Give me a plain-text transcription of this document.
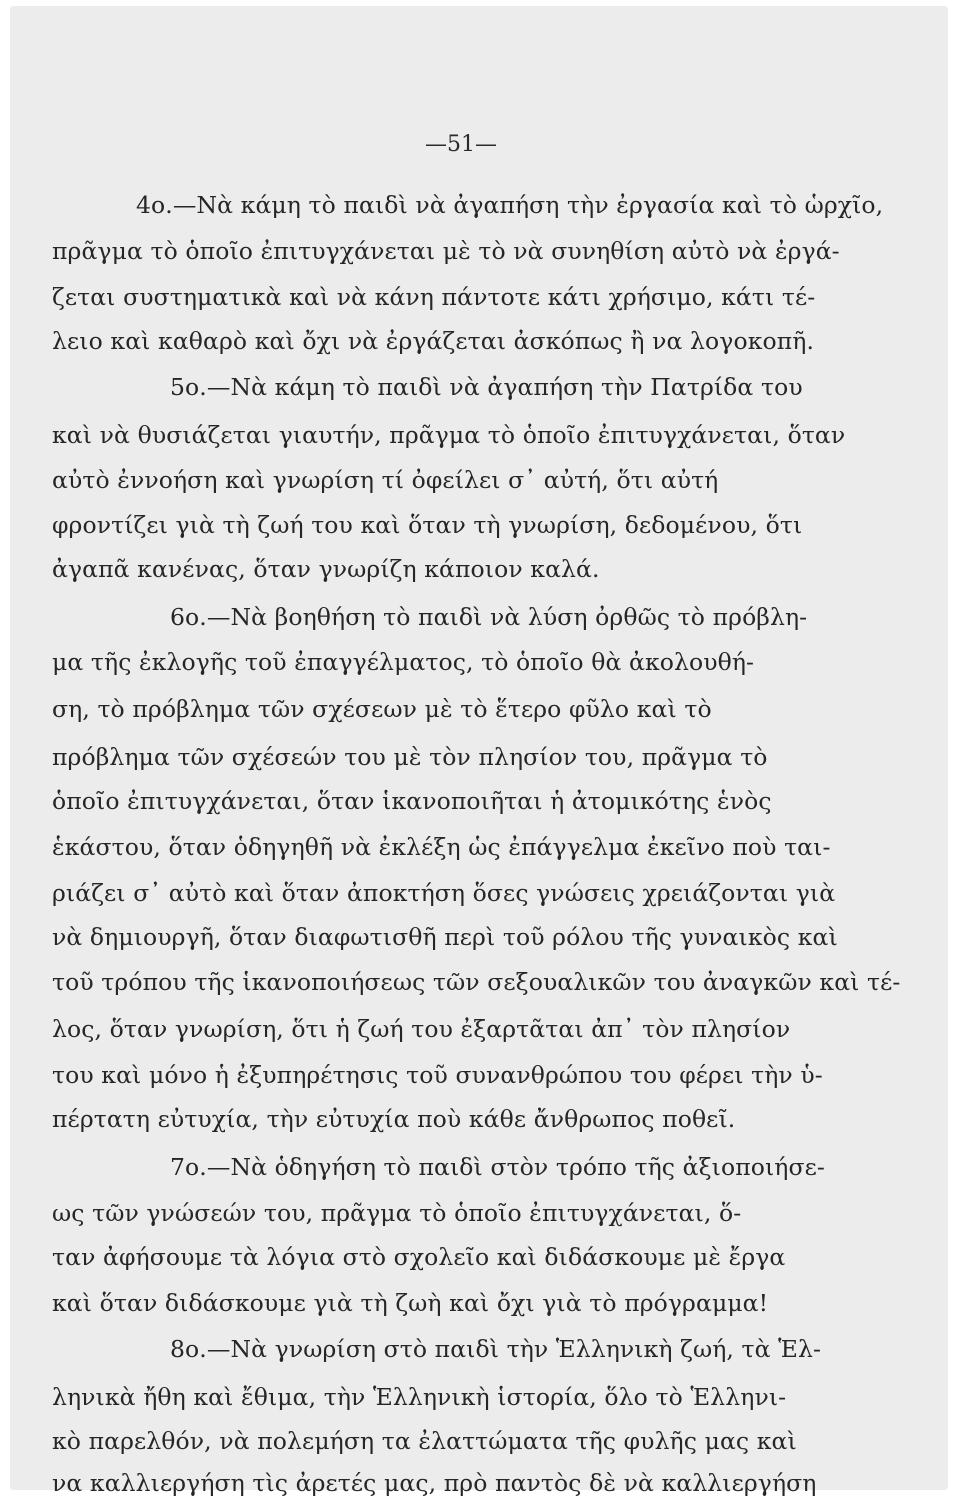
—51—
4ο.—Νὰ κάμη τὸ παιδὶ νὰ ἀγαπήση τὴν ἐργασία καὶ τὸ ὡρχῖο,
πρᾶγμα τὸ ὁποῖο ἐπιτυγχάνεται μὲ τὸ νὰ συνηθίση αὐτὸ νὰ ἐργά-
ζεται συστηματικὰ καὶ νὰ κάνη πάντοτε κάτι χρήσιμο, κάτι τέ-
λειο καὶ καθαρὸ καὶ ὄχι νὰ ἐργάζεται ἀσκόπως ἢ να λογοκοπῆ.
5ο.—Νὰ κάμη τὸ παιδὶ νὰ ἀγαπήση τὴν Πατρίδα του
καὶ νὰ θυσιάζεται γιαυτήν, πρᾶγμα τὸ ὁποῖο ἐπιτυγχάνεται, ὅταν
αὐτὸ ἐννοήση καὶ γνωρίση τί ὀφείλει σ᾽ αὐτή, ὅτι αὐτή
φροντίζει γιὰ τὴ ζωή του καὶ ὅταν τὴ γνωρίση, δεδομένου, ὅτι
ἀγαπᾶ κανένας, ὅταν γνωρίζη κάποιον καλά.
6ο.—Νὰ βοηθήση τὸ παιδὶ νὰ λύση ὀρθῶς τὸ πρόβλη-
μα τῆς ἐκλογῆς τοῦ ἐπαγγέλματος, τὸ ὁποῖο θὰ ἀκολουθή-
ση, τὸ πρόβλημα τῶν σχέσεων μὲ τὸ ἕτερο φῦλο καὶ τὸ
πρόβλημα τῶν σχέσεών του μὲ τὸν πλησίον του, πρᾶγμα τὸ
ὁποῖο ἐπιτυγχάνεται, ὅταν ἱκανοποιῆται ἡ ἀτομικότης ἑνὸς
ἑκάστου, ὅταν ὁδηγηθῆ νὰ ἐκλέξη ὡς ἐπάγγελμα ἐκεῖνο ποὺ ται-
ριάζει σ᾽ αὐτὸ καὶ ὅταν ἀποκτήση ὅσες γνώσεις χρειάζονται γιὰ
νὰ δημιουργῆ, ὅταν διαφωτισθῆ περὶ τοῦ ρόλου τῆς γυναικὸς καὶ
τοῦ τρόπου τῆς ἱκανοποιήσεως τῶν σεξουαλικῶν του ἀναγκῶν καὶ τέ-
λος, ὅταν γνωρίση, ὅτι ἡ ζωή του ἐξαρτᾶται ἀπ᾽ τὸν πλησίον
του καὶ μόνο ἡ ἐξυπηρέτησις τοῦ συνανθρώπου του φέρει τὴν ὑ-
πέρτατη εὐτυχία, τὴν εὐτυχία ποὺ κάθε ἄνθρωπος ποθεῖ.
7ο.—Νὰ ὁδηγήση τὸ παιδὶ στὸν τρόπο τῆς ἀξιοποιήσε-
ως τῶν γνώσεών του, πρᾶγμα τὸ ὁποῖο ἐπιτυγχάνεται, ὅ-
ταν ἀφήσουμε τὰ λόγια στὸ σχολεῖο καὶ διδάσκουμε μὲ ἔργα
καὶ ὅταν διδάσκουμε γιὰ τὴ ζωὴ καὶ ὄχι γιὰ τὸ πρόγραμμα!
8ο.—Νὰ γνωρίση στὸ παιδὶ τὴν Ἑλληνικὴ ζωή, τὰ Ἑλ-
ληνικὰ ἤθη καὶ ἔθιμα, τὴν Ἑλληνικὴ ἱστορία, ὅλο τὸ Ἑλληνι-
κὸ παρελθόν, νὰ πολεμήση τα ἐλαττώματα τῆς φυλῆς μας καὶ
να καλλιεργήση τὶς ἀρετές μας, πρὸ παντὸς δὲ νὰ καλλιεργήση
